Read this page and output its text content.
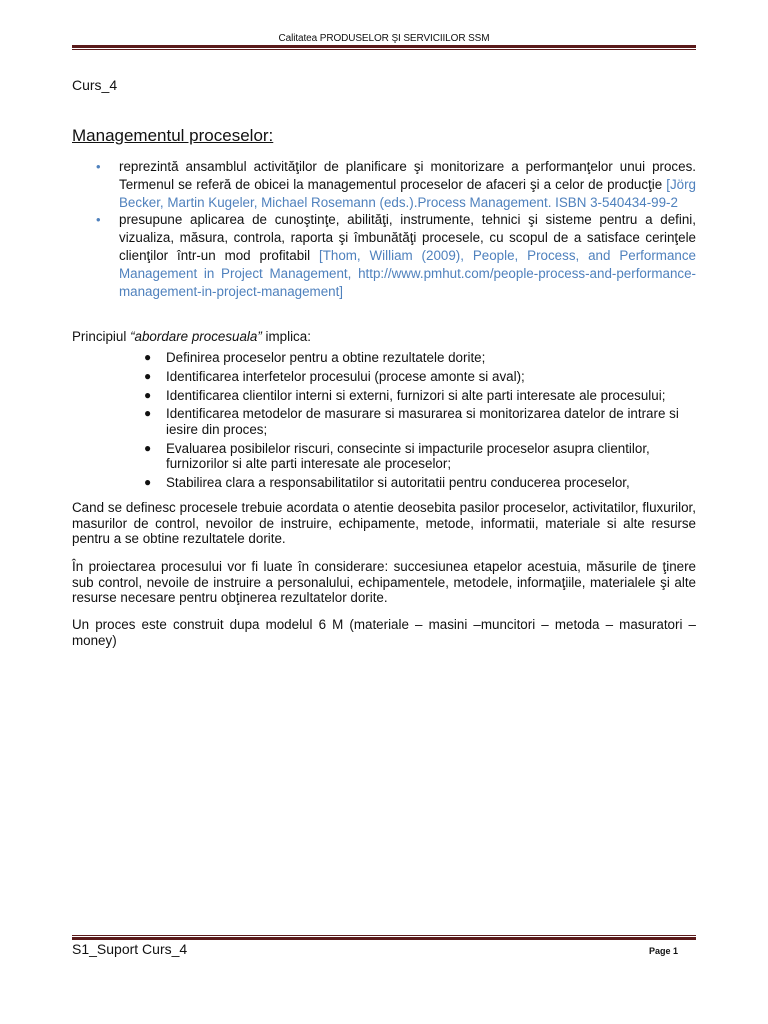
Calitatea PRODUSELOR ŞI SERVICIILOR SSM
Curs_4
Managementul proceselor:
• reprezintă ansamblul activităţilor de planificare şi monitorizare a performanţelor unui proces. Termenul se referă de obicei la managementul proceselor de afaceri şi a celor de producţie [Jörg Becker, Martin Kugeler, Michael Rosemann (eds.).Process Management. ISBN 3-540434-99-2
• presupune aplicarea de cunoştinţe, abilităţi, instrumente, tehnici şi sisteme pentru a defini, vizualiza, măsura, controla, raporta şi îmbunătăţi procesele, cu scopul de a satisface cerinţele clienţilor într-un mod profitabil [Thom, William (2009), People, Process, and Performance Management in Project Management, http://www.pmhut.com/people-process-and-performance-management-in-project-management]
Principiul “abordare procesuala” implica:
● Definirea proceselor pentru a obtine rezultatele dorite;
● Identificarea interfetelor procesului (procese amonte si aval);
● Identificarea clientilor interni si externi, furnizori si alte parti interesate ale procesului;
● Identificarea metodelor de masurare si masurarea si monitorizarea datelor de intrare si iesire din proces;
● Evaluarea posibilelor riscuri, consecinte si impacturile proceselor asupra clientilor, furnizorilor si alte parti interesate ale proceselor;
● Stabilirea clara a responsabilitatilor si autoritatii pentru conducerea proceselor,

Cand se definesc procesele trebuie acordata o atentie deosebita pasilor proceselor, activitatilor, fluxurilor, masurilor de control, nevoilor de instruire, echipamente, metode, informatii, materiale si alte resurse pentru a se obtine rezultatele dorite.

În proiectarea procesului vor fi luate în considerare: succesiunea etapelor acestuia, măsurile de ţinere sub control, nevoile de instruire a personalului, echipamentele, metodele, informaţiile, materialele şi alte resurse necesare pentru obţinerea rezultatelor dorite.

Un proces este construit dupa modelul 6 M (materiale – masini –muncitori – metoda – masuratori – money)

S1_Suport Curs_4	Page 1
